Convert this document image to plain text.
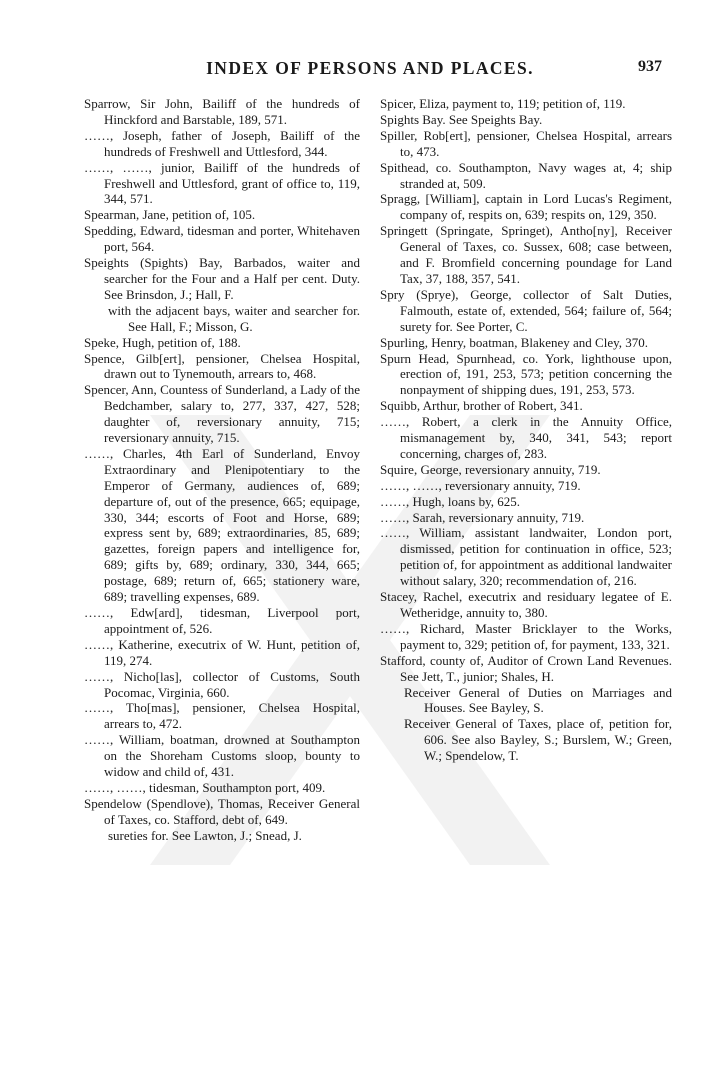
INDEX OF PERSONS AND PLACES.	937
Sparrow, Sir John, Bailiff of the hundreds of Hinckford and Barstable, 189, 571.
……, Joseph, father of Joseph, Bailiff of the hundreds of Freshwell and Uttlesford, 344.
……, ……, junior, Bailiff of the hundreds of Freshwell and Uttlesford, grant of office to, 119, 344, 571.
Spearman, Jane, petition of, 105.
Spedding, Edward, tidesman and porter, Whitehaven port, 564.
Speights (Spights) Bay, Barbados, waiter and searcher for the Four and a Half per cent. Duty. See Brinsdon, J.; Hall, F.
with the adjacent bays, waiter and searcher for. See Hall, F.; Misson, G.
Speke, Hugh, petition of, 188.
Spence, Gilb[ert], pensioner, Chelsea Hospital, drawn out to Tynemouth, arrears to, 468.
Spencer, Ann, Countess of Sunderland, a Lady of the Bedchamber, salary to, 277, 337, 427, 528; daughter of, reversionary annuity, 715; reversionary annuity, 715.
……, Charles, 4th Earl of Sunderland, Envoy Extraordinary and Plenipotentiary to the Emperor of Germany, audiences of, 689; departure of, out of the presence, 665; equipage, 330, 344; escorts of Foot and Horse, 689; express sent by, 689; extraordinaries, 85, 689; gazettes, foreign papers and intelligence for, 689; gifts by, 689; ordinary, 330, 344, 665; postage, 689; return of, 665; stationery ware, 689; travelling expenses, 689.
……, Edw[ard], tidesman, Liverpool port, appointment of, 526.
……, Katherine, executrix of W. Hunt, petition of, 119, 274.
……, Nicho[las], collector of Customs, South Pocomac, Virginia, 660.
……, Tho[mas], pensioner, Chelsea Hospital, arrears to, 472.
……, William, boatman, drowned at Southampton on the Shoreham Customs sloop, bounty to widow and child of, 431.
……, ……, tidesman, Southampton port, 409.
Spendelow (Spendlove), Thomas, Receiver General of Taxes, co. Stafford, debt of, 649.
sureties for. See Lawton, J.; Snead, J.
Spicer, Eliza, payment to, 119; petition of, 119.
Spights Bay. See Speights Bay.
Spiller, Rob[ert], pensioner, Chelsea Hospital, arrears to, 473.
Spithead, co. Southampton, Navy wages at, 4; ship stranded at, 509.
Spragg, [William], captain in Lord Lucas's Regiment, company of, respits on, 639; respits on, 129, 350.
Springett (Springate, Springet), Antho[ny], Receiver General of Taxes, co. Sussex, 608; case between, and F. Bromfield concerning poundage for Land Tax, 37, 188, 357, 541.
Spry (Sprye), George, collector of Salt Duties, Falmouth, estate of, extended, 564; failure of, 564; surety for. See Porter, C.
Spurling, Henry, boatman, Blakeney and Cley, 370.
Spurn Head, Spurnhead, co. York, lighthouse upon, erection of, 191, 253, 573; petition concerning the nonpayment of shipping dues, 191, 253, 573.
Squibb, Arthur, brother of Robert, 341.
……, Robert, a clerk in the Annuity Office, mismanagement by, 340, 341, 543; report concerning, charges of, 283.
Squire, George, reversionary annuity, 719.
……, ……, reversionary annuity, 719.
……, Hugh, loans by, 625.
……, Sarah, reversionary annuity, 719.
……, William, assistant landwaiter, London port, dismissed, petition for continuation in office, 523; petition of, for appointment as additional landwaiter without salary, 320; recommendation of, 216.
Stacey, Rachel, executrix and residuary legatee of E. Wetheridge, annuity to, 380.
……, Richard, Master Bricklayer to the Works, payment to, 329; petition of, for payment, 133, 321.
Stafford, county of, Auditor of Crown Land Revenues. See Jett, T., junior; Shales, H.
Receiver General of Duties on Marriages and Houses. See Bayley, S.
Receiver General of Taxes, place of, petition for, 606. See also Bayley, S.; Burslem, W.; Green, W.; Spendelow, T.
